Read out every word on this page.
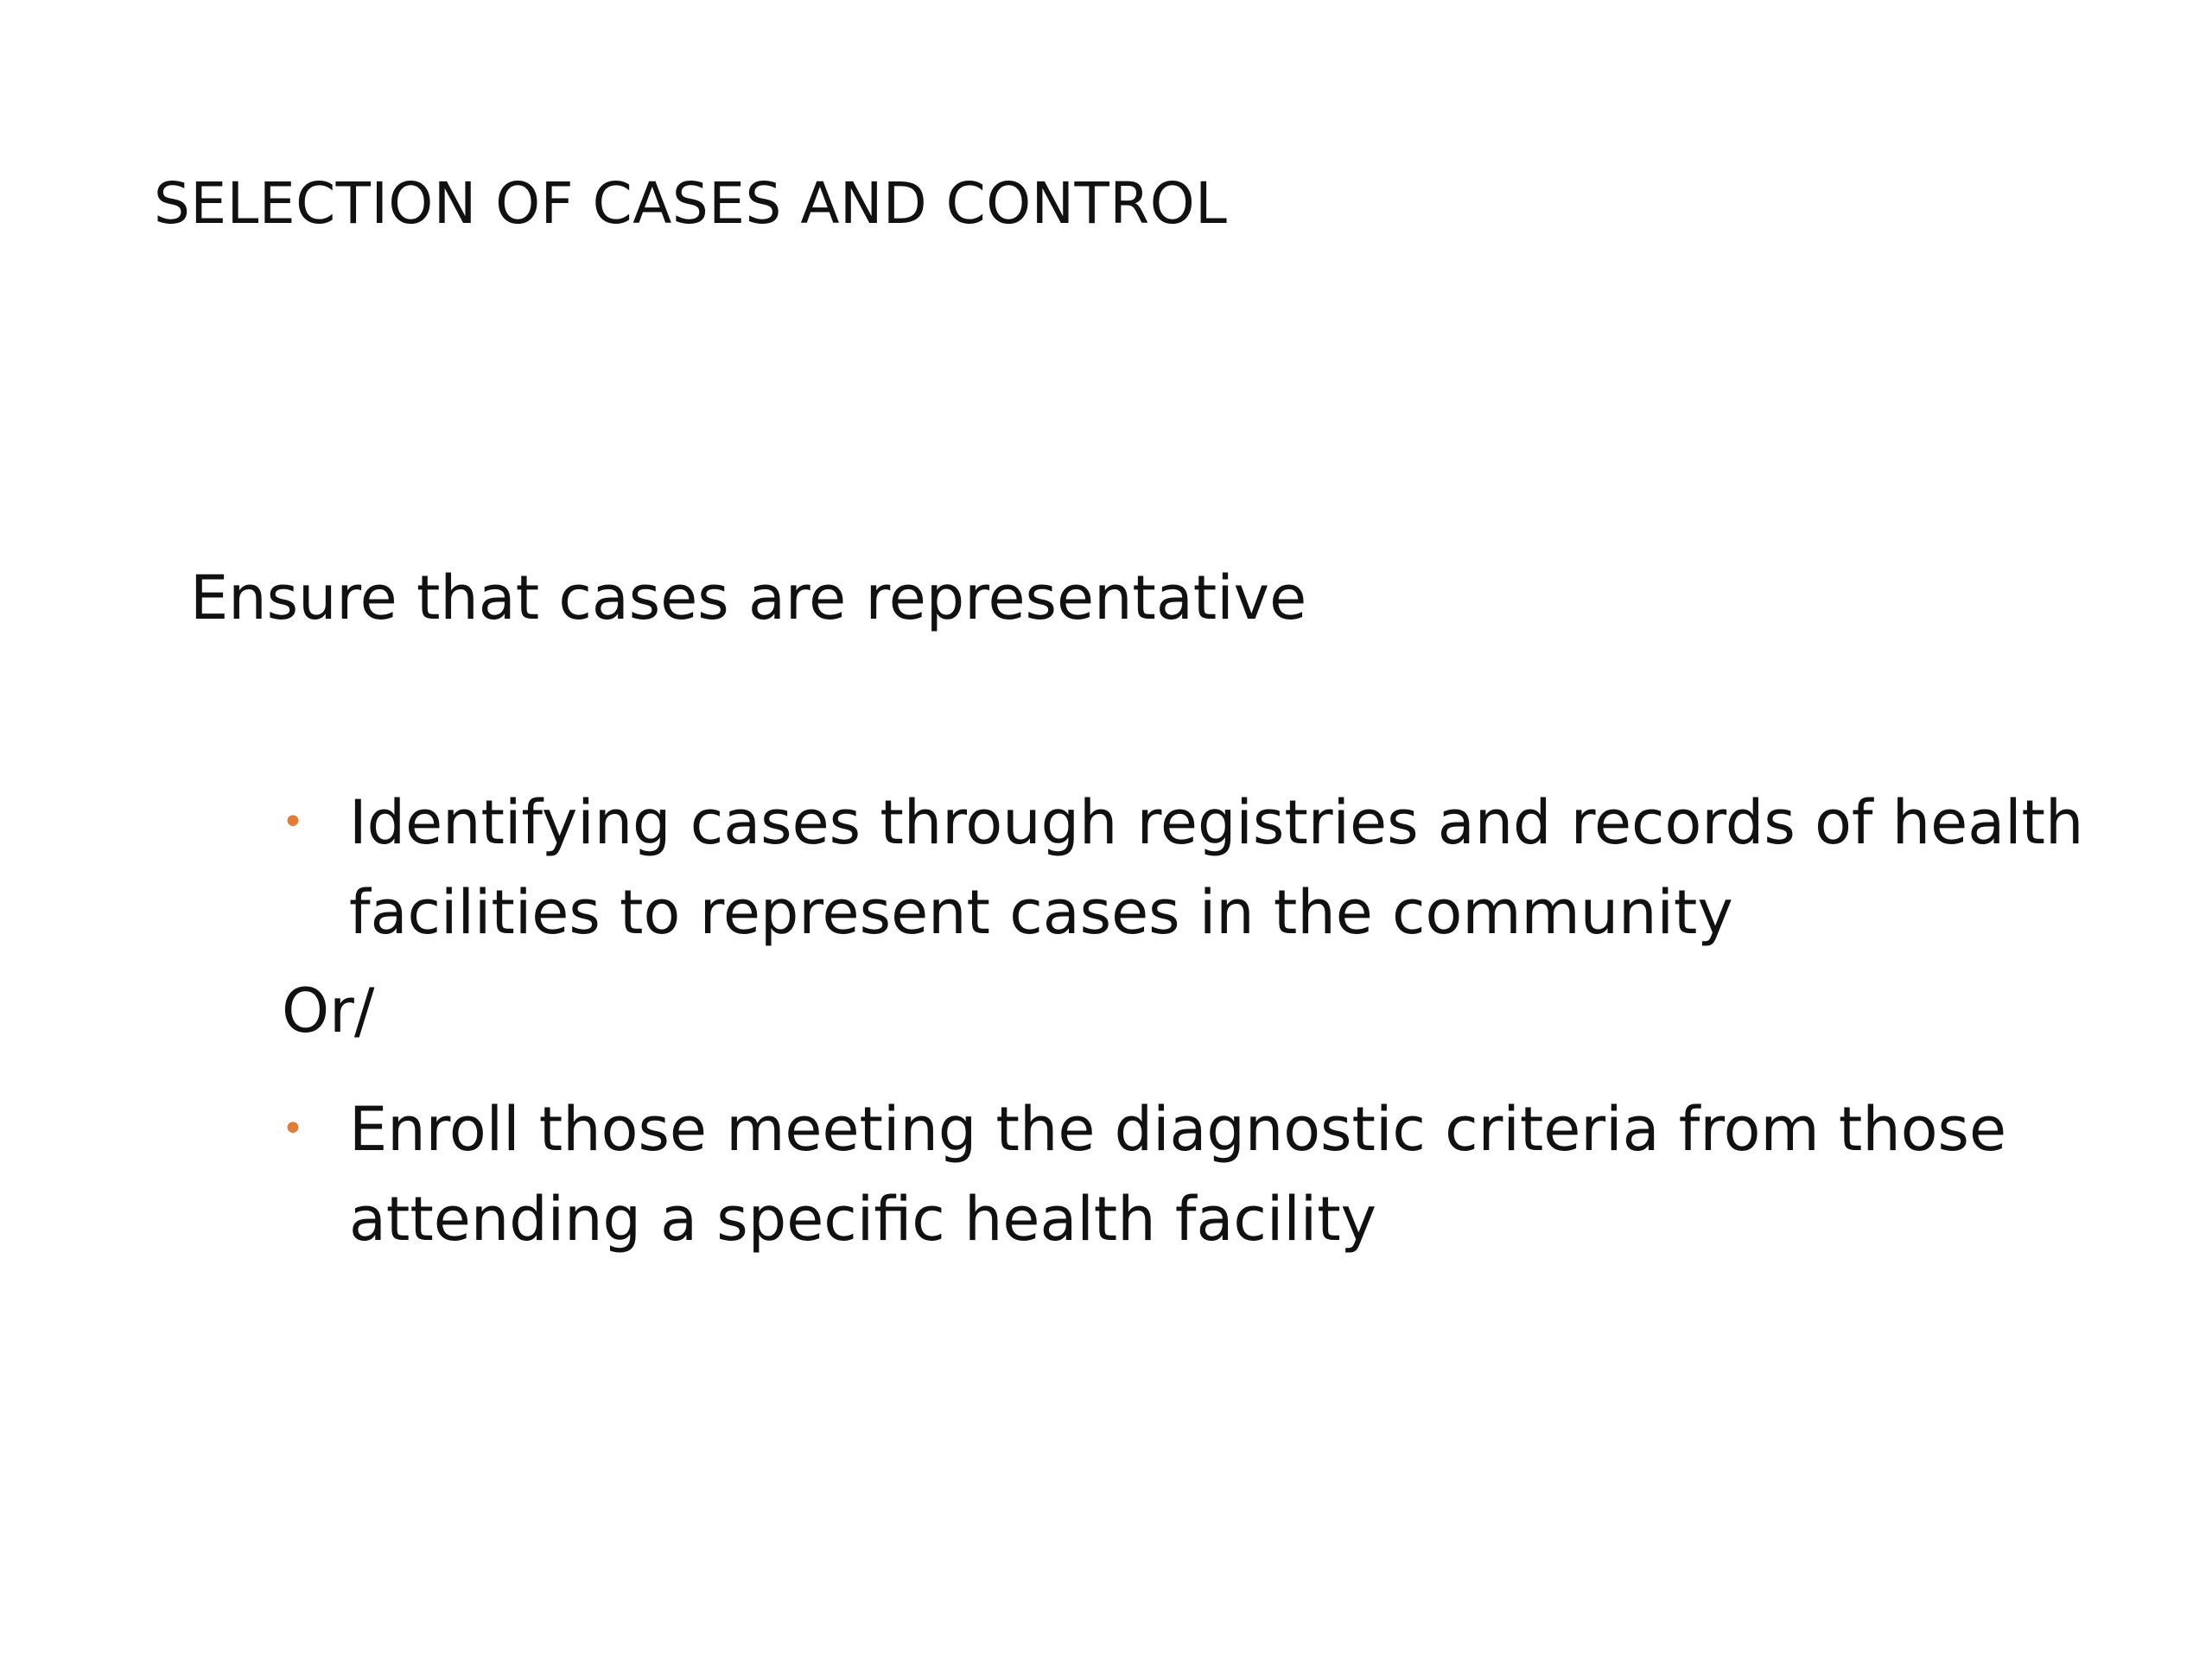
SELECTION OF CASES AND CONTROL
Ensure that cases are representative
• Identifying cases through registries and records of health facilities to represent cases in the community
Or/
• Enroll those meeting the diagnostic criteria from those attending a specific health facility
